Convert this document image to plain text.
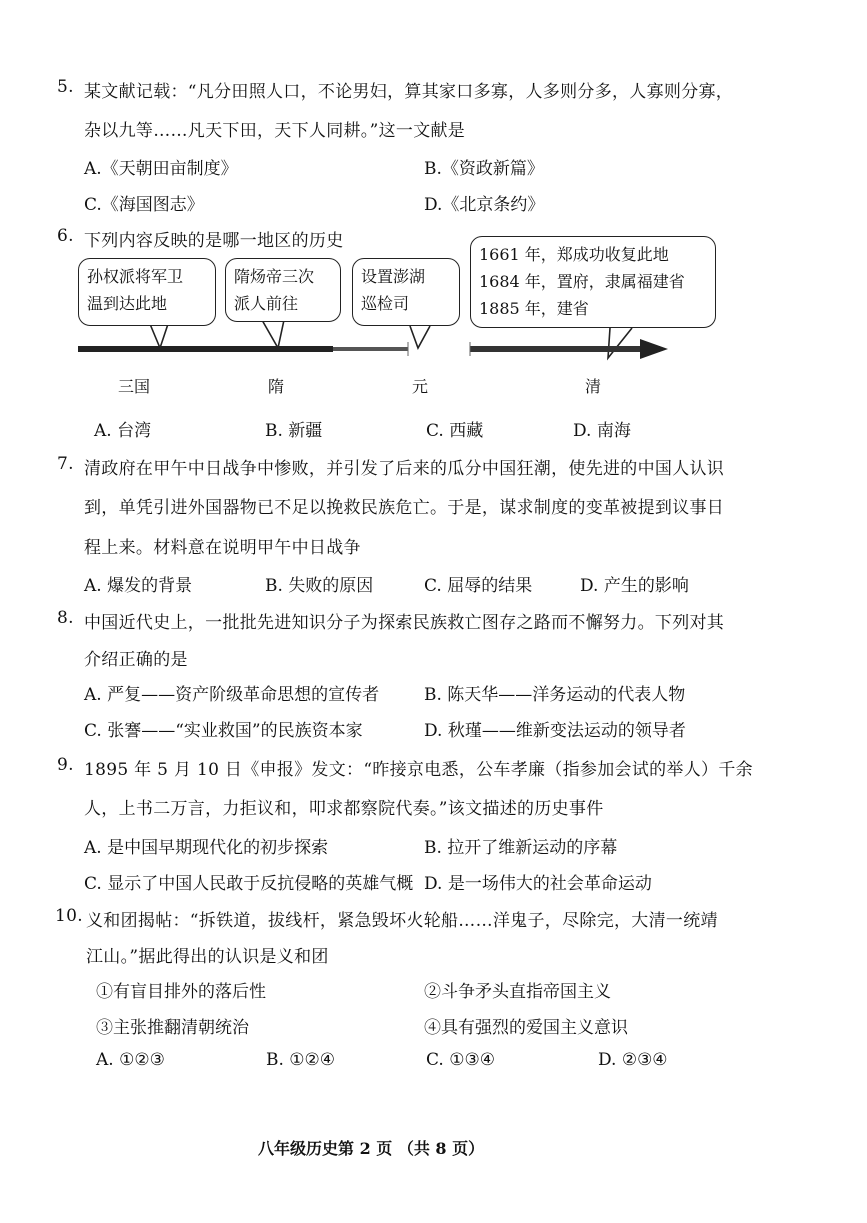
5. 某文献记载：“凡分田照人口，不论男妇，算其家口多寡，人多则分多，人寡则分寡，
杂以九等……凡天下田，天下人同耕。”这一文献是
A.《天朝田亩制度》	B.《资政新篇》
C.《海国图志》	D.《北京条约》
6. 下列内容反映的是哪一地区的历史
孙权派将军卫
温到达此地
隋炀帝三次
派人前往
设置澎湖
巡检司
1661 年，郑成功收复此地
1684 年，置府，隶属福建省
1885 年，建省
三国	隋	元	清
A. 台湾	B. 新疆	C. 西藏	D. 南海
7. 清政府在甲午中日战争中惨败，并引发了后来的瓜分中国狂潮，使先进的中国人认识
到，单凭引进外国器物已不足以挽救民族危亡。于是，谋求制度的变革被提到议事日
程上来。材料意在说明甲午中日战争
A. 爆发的背景	B. 失败的原因	C. 屈辱的结果	D. 产生的影响
8. 中国近代史上，一批批先进知识分子为探索民族救亡图存之路而不懈努力。下列对其
介绍正确的是
A. 严复——资产阶级革命思想的宣传者	B. 陈天华——洋务运动的代表人物
C. 张謇——“实业救国”的民族资本家	D. 秋瑾——维新变法运动的领导者
9. 1895 年 5 月 10 日《申报》发文：“昨接京电悉，公车孝廉（指参加会试的举人）千余
人，上书二万言，力拒议和，叩求都察院代奏。”该文描述的历史事件
A. 是中国早期现代化的初步探索	B. 拉开了维新运动的序幕
C. 显示了中国人民敢于反抗侵略的英雄气概 D. 是一场伟大的社会革命运动
10. 义和团揭帖：“拆铁道，拔线杆，紧急毁坏火轮船……洋鬼子，尽除完，大清一统靖
江山。”据此得出的认识是义和团
①有盲目排外的落后性	②斗争矛头直指帝国主义
③主张推翻清朝统治	④具有强烈的爱国主义意识
A. ①②③	B. ①②④	C. ①③④	D. ②③④
八年级历史第 2 页 （共 8 页）
